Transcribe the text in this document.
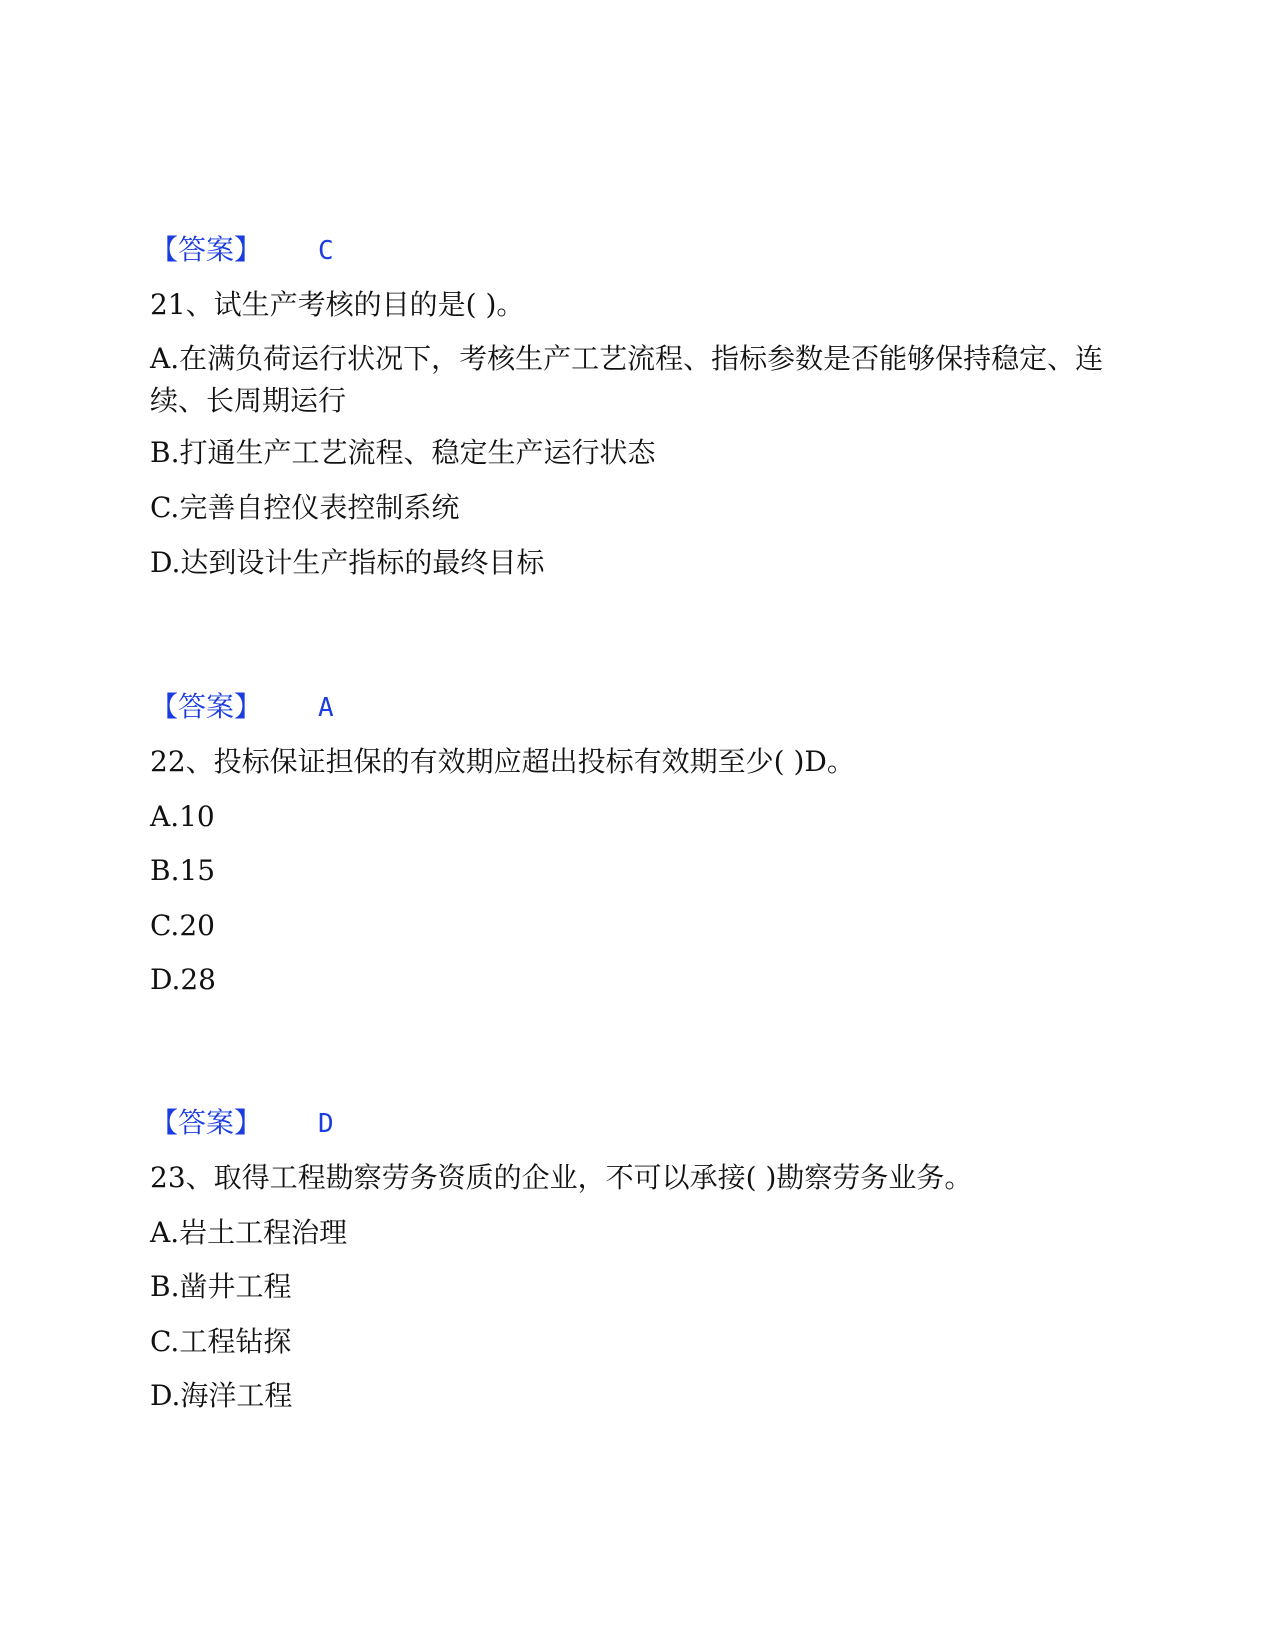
【答案】 C
21、试生产考核的目的是( )。
A.在满负荷运行状况下，考核生产工艺流程、指标参数是否能够保持稳定、连续、长周期运行
B.打通生产工艺流程、稳定生产运行状态
C.完善自控仪表控制系统
D.达到设计生产指标的最终目标
【答案】 A
22、投标保证担保的有效期应超出投标有效期至少( )D。
A.10
B.15
C.20
D.28
【答案】 D
23、取得工程勘察劳务资质的企业，不可以承接( )勘察劳务业务。
A.岩土工程治理
B.凿井工程
C.工程钻探
D.海洋工程
